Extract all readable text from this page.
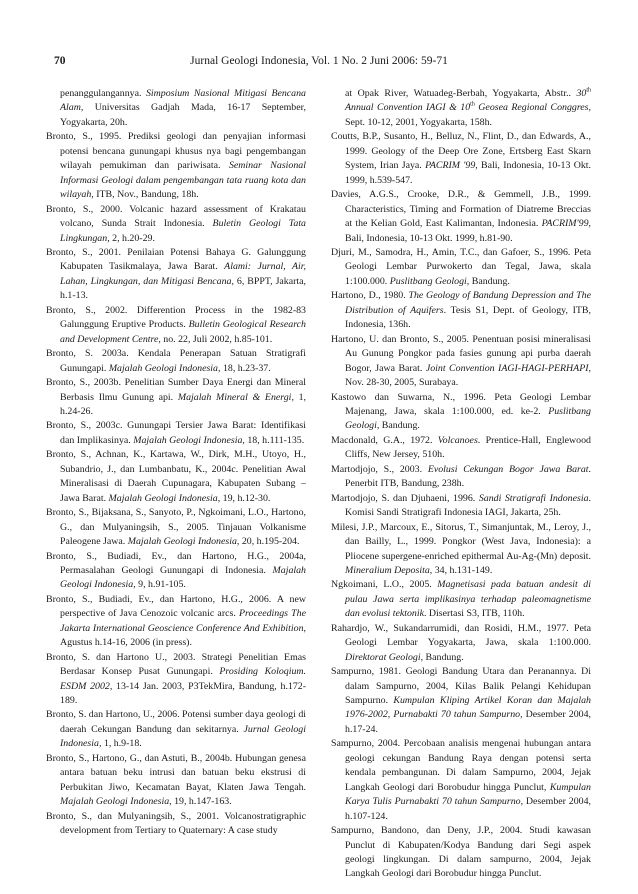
70	Jurnal Geologi Indonesia, Vol. 1 No. 2 Juni 2006: 59-71

penanggulangannya. Simposium Nasional Mitigasi Bencana Alam, Universitas Gadjah Mada, 16-17 September, Yogyakarta, 20h.

Bronto, S., 1995. Prediksi geologi dan penyajian informasi potensi bencana gunungapi khusus nya bagi pengembangan wilayah pemukiman dan pariwisata. Seminar Nasional Informasi Geologi dalam pengembangan tata ruang kota dan wilayah, ITB, Nov., Bandung, 18h.

Bronto, S., 2000. Volcanic hazard assessment of Krakatau volcano, Sunda Strait Indonesia. Buletin Geologi Tata Lingkungan, 2, h.20-29.

Bronto, S., 2001. Penilaian Potensi Bahaya G. Galunggung Kabupaten Tasikmalaya, Jawa Barat. Alami: Jurnal, Air, Lahan, Lingkungan, dan Mitigasi Bencana, 6, BPPT, Jakarta, h.1-13.

Bronto, S., 2002. Differention Process in the 1982-83 Galunggung Eruptive Products. Bulletin Geological Research and Development Centre, no. 22, Juli 2002, h.85-101.

Bronto, S. 2003a. Kendala Penerapan Satuan Stratigrafi Gunungapi. Majalah Geologi Indonesia, 18, h.23-37.

Bronto, S., 2003b. Penelitian Sumber Daya Energi dan Mineral Berbasis Ilmu Gunung api. Majalah Mineral & Energi, 1, h.24-26.

Bronto, S., 2003c. Gunungapi Tersier Jawa Barat: Identifikasi dan Implikasinya. Majalah Geologi Indonesia, 18, h.111-135.

Bronto, S., Achnan, K., Kartawa, W., Dirk, M.H., Utoyo, H., Subandrio, J., dan Lumbanbatu, K., 2004c. Penelitian Awal Mineralisasi di Daerah Cupunagara, Kabupaten Subang – Jawa Barat. Majalah Geologi Indonesia, 19, h.12-30.

Bronto, S., Bijaksana, S., Sanyoto, P., Ngkoimani, L.O., Hartono, G., dan Mulyaningsih, S., 2005. Tinjauan Volkanisme Paleogene Jawa. Majalah Geologi Indonesia, 20, h.195-204.

Bronto, S., Budiadi, Ev., dan Hartono, H.G., 2004a, Permasalahan Geologi Gunungapi di Indonesia. Majalah Geologi Indonesia, 9, h.91-105.

Bronto, S., Budiadi, Ev., dan Hartono, H.G., 2006. A new perspective of Java Cenozoic volcanic arcs. Proceedings The Jakarta International Geoscience Conference And Exhibition, Agustus h.14-16, 2006 (in press).

Bronto, S. dan Hartono U., 2003. Strategi Penelitian Emas Berdasar Konsep Pusat Gunungapi. Prosiding Koloqium. ESDM 2002, 13-14 Jan. 2003, P3TekMira, Bandung, h.172-189.

Bronto, S. dan Hartono, U., 2006. Potensi sumber daya geologi di daerah Cekungan Bandung dan sekitarnya. Jurnal Geologi Indonesia, 1, h.9-18.

Bronto, S., Hartono, G., dan Astuti, B., 2004b. Hubungan genesa antara batuan beku intrusi dan batuan beku ekstrusi di Perbukitan Jiwo, Kecamatan Bayat, Klaten Jawa Tengah. Majalah Geologi Indonesia, 19, h.147-163.

Bronto, S., dan Mulyaningsih, S., 2001. Volcanostratigraphic development from Tertiary to Quaternary: A case study

at Opak River, Watuadeg-Berbah, Yogyakarta, Abstr.. 30th Annual Convention IAGI & 10th Geosea Regional Conggres, Sept. 10-12, 2001, Yogyakarta, 158h.

Coutts, B.P., Susanto, H., Belluz, N., Flint, D., dan Edwards, A., 1999. Geology of the Deep Ore Zone, Ertsberg East Skarn System, Irian Jaya. PACRIM '99, Bali, Indonesia, 10-13 Okt. 1999, h.539-547.

Davies, A.G.S., Crooke, D.R., & Gemmell, J.B., 1999. Characteristics, Timing and Formation of Diatreme Breccias at the Kelian Gold, East Kalimantan, Indonesia. PACRIM'99, Bali, Indonesia, 10-13 Okt. 1999, h.81-90.

Djuri, M., Samodra, H., Amin, T.C., dan Gafoer, S., 1996. Peta Geologi Lembar Purwokerto dan Tegal, Jawa, skala 1:100.000. Puslitbang Geologi, Bandung.

Hartono, D., 1980. The Geology of Bandung Depression and The Distribution of Aquifers. Tesis S1, Dept. of Geology, ITB, Indonesia, 136h.

Hartono, U. dan Bronto, S., 2005. Penentuan posisi mineralisasi Au Gunung Pongkor pada fasies gunung api purba daerah Bogor, Jawa Barat. Joint Convention IAGI-HAGI-PERHAPI, Nov. 28-30, 2005, Surabaya.

Kastowo dan Suwarna, N., 1996. Peta Geologi Lembar Majenang, Jawa, skala 1:100.000, ed. ke-2. Puslitbang Geologi, Bandung.

Macdonald, G.A., 1972. Volcanoes. Prentice-Hall, Englewood Cliffs, New Jersey, 510h.

Martodjojo, S., 2003. Evolusi Cekungan Bogor Jawa Barat. Penerbit ITB, Bandung, 238h.

Martodjojo, S. dan Djuhaeni, 1996. Sandi Stratigrafi Indonesia. Komisi Sandi Stratigrafi Indonesia IAGI, Jakarta, 25h.

Milesi, J.P., Marcoux, E., Sitorus, T., Simanjuntak, M., Leroy, J., dan Bailly, L., 1999. Pongkor (West Java, Indonesia): a Pliocene supergene-enriched epithermal Au-Ag-(Mn) deposit. Mineralium Deposita, 34, h.131-149.

Ngkoimani, L.O., 2005. Magnetisasi pada batuan andesit di pulau Jawa serta implikasinya terhadap paleomagnetisme dan evolusi tektonik. Disertasi S3, ITB, 110h.

Rahardjo, W., Sukandarrumidi, dan Rosidi, H.M., 1977. Peta Geologi Lembar Yogyakarta, Jawa, skala 1:100.000. Direktorat Geologi, Bandung.

Sampurno, 1981. Geologi Bandung Utara dan Peranannya. Di dalam Sampurno, 2004, Kilas Balik Pelangi Kehidupan Sampurno. Kumpulan Kliping Artikel Koran dan Majalah 1976-2002, Purnabakti 70 tahun Sampurno, Desember 2004, h.17-24.

Sampurno, 2004. Percobaan analisis mengenai hubungan antara geologi cekungan Bandung Raya dengan potensi serta kendala pembangunan. Di dalam Sampurno, 2004, Jejak Langkah Geologi dari Borobudur hingga Punclut, Kumpulan Karya Tulis Purnabakti 70 tahun Sampurno, Desember 2004, h.107-124.

Sampurno, Bandono, dan Deny, J.P., 2004. Studi kawasan Punclut di Kabupaten/Kodya Bandung dari Segi aspek geologi lingkungan. Di dalam sampurno, 2004, Jejak Langkah Geologi dari Borobudur hingga Punclut.
